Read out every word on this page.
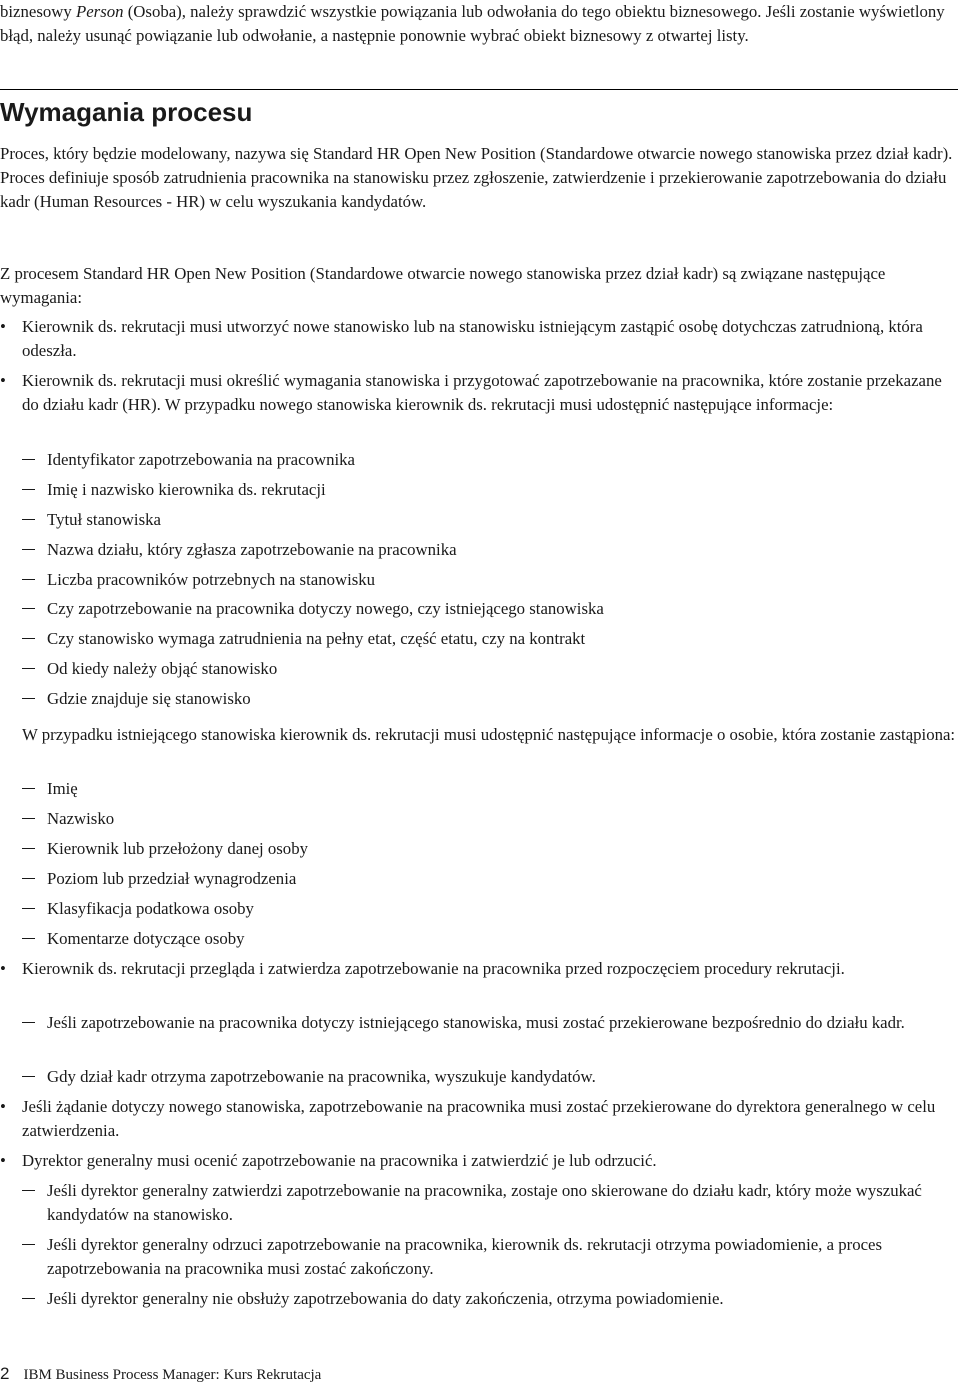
biznesowy Person (Osoba), należy sprawdzić wszystkie powiązania lub odwołania do tego obiektu biznesowego. Jeśli zostanie wyświetlony błąd, należy usunąć powiązanie lub odwołanie, a następnie ponownie wybrać obiekt biznesowy z otwartej listy.
Wymagania procesu

Proces, który będzie modelowany, nazywa się Standard HR Open New Position (Standardowe otwarcie nowego stanowiska przez dział kadr). Proces definiuje sposób zatrudnienia pracownika na stanowisku przez zgłoszenie, zatwierdzenie i przekierowanie zapotrzebowania do działu kadr (Human Resources - HR) w celu wyszukania kandydatów.

Z procesem Standard HR Open New Position (Standardowe otwarcie nowego stanowiska przez dział kadr) są związane następujące wymagania:

• Kierownik ds. rekrutacji musi utworzyć nowe stanowisko lub na stanowisku istniejącym zastąpić osobę dotychczas zatrudnioną, która odeszła.
• Kierownik ds. rekrutacji musi określić wymagania stanowiska i przygotować zapotrzebowanie na pracownika, które zostanie przekazane do działu kadr (HR). W przypadku nowego stanowiska kierownik ds. rekrutacji musi udostępnić następujące informacje:
Identyfikator zapotrzebowania na pracownika
Imię i nazwisko kierownika ds. rekrutacji
Tytuł stanowiska
Nazwa działu, który zgłasza zapotrzebowanie na pracownika
Liczba pracowników potrzebnych na stanowisku
Czy zapotrzebowanie na pracownika dotyczy nowego, czy istniejącego stanowiska
Czy stanowisko wymaga zatrudnienia na pełny etat, część etatu, czy na kontrakt
Od kiedy należy objąć stanowisko
Gdzie znajduje się stanowisko

W przypadku istniejącego stanowiska kierownik ds. rekrutacji musi udostępnić następujące informacje o osobie, która zostanie zastąpiona:

Imię
Nazwisko
Kierownik lub przełożony danej osoby
Poziom lub przedział wynagrodzenia
Klasyfikacja podatkowa osoby
Komentarze dotyczące osoby
• Kierownik ds. rekrutacji przegląda i zatwierdza zapotrzebowanie na pracownika przed rozpoczęciem procedury rekrutacji.
Jeśli zapotrzebowanie na pracownika dotyczy istniejącego stanowiska, musi zostać przekierowane bezpośrednio do działu kadr.
Gdy dział kadr otrzyma zapotrzebowanie na pracownika, wyszukuje kandydatów.
• Jeśli żądanie dotyczy nowego stanowiska, zapotrzebowanie na pracownika musi zostać przekierowane do dyrektora generalnego w celu zatwierdzenia.
• Dyrektor generalny musi ocenić zapotrzebowanie na pracownika i zatwierdzić je lub odrzucić.
Jeśli dyrektor generalny zatwierdzi zapotrzebowanie na pracownika, zostaje ono skierowane do działu kadr, który może wyszukać kandydatów na stanowisko.
Jeśli dyrektor generalny odrzuci zapotrzebowanie na pracownika, kierownik ds. rekrutacji otrzyma powiadomienie, a proces zapotrzebowania na pracownika musi zostać zakończony.
Jeśli dyrektor generalny nie obsłuży zapotrzebowania do daty zakończenia, otrzyma powiadomienie.
2 IBM Business Process Manager: Kurs Rekrutacja
